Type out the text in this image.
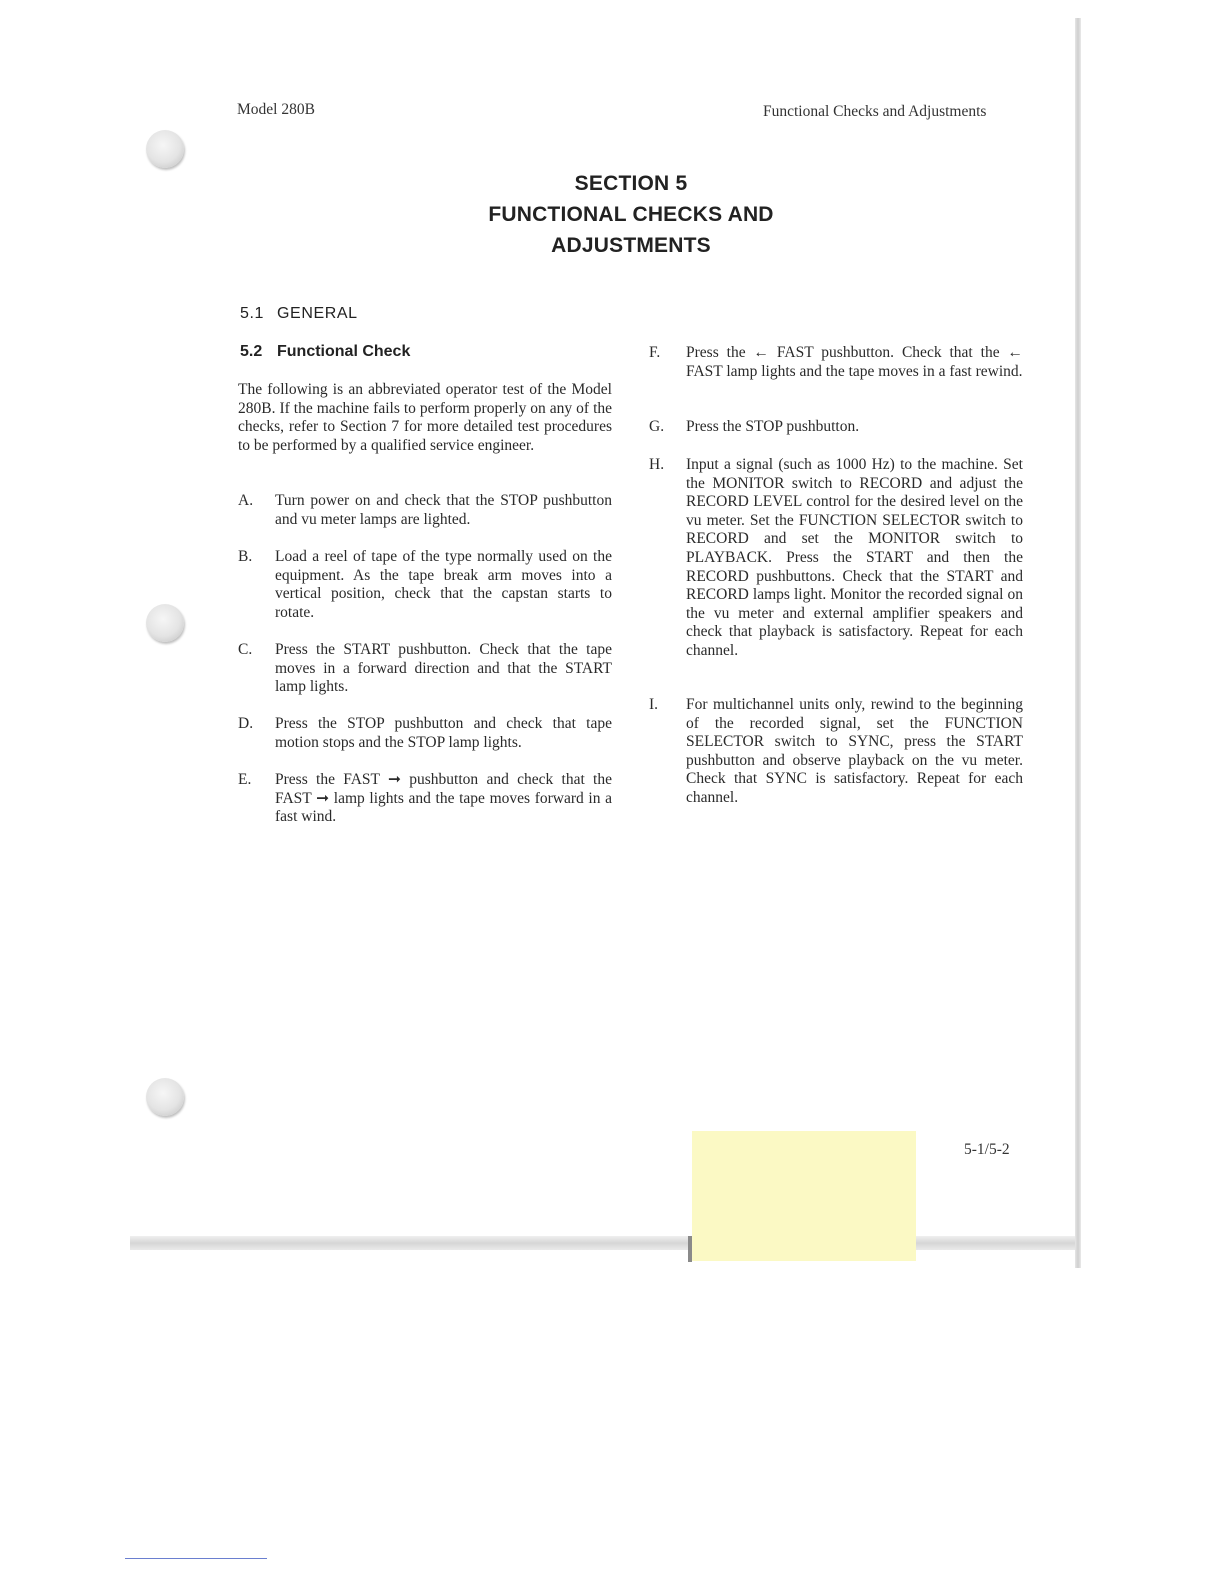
Model 280B	Functional Checks and Adjustments
SECTION 5
FUNCTIONAL CHECKS AND
ADJUSTMENTS
5.1 GENERAL
5.2 Functional Check
The following is an abbreviated operator test of the Model 280B. If the machine fails to perform properly on any of the checks, refer to Section 7 for more detailed test procedures to be performed by a qualified service engineer.
A. Turn power on and check that the STOP pushbutton and vu meter lamps are lighted.
B. Load a reel of tape of the type normally used on the equipment. As the tape break arm moves into a vertical position, check that the capstan starts to rotate.
C. Press the START pushbutton. Check that the tape moves in a forward direction and that the START lamp lights.
D. Press the STOP pushbutton and check that tape motion stops and the STOP lamp lights.
E. Press the FAST ➞ pushbutton and check that the FAST ➞ lamp lights and the tape moves forward in a fast wind.
F. Press the ← FAST pushbutton. Check that the ← FAST lamp lights and the tape moves in a fast rewind.
G. Press the STOP pushbutton.
H. Input a signal (such as 1000 Hz) to the machine. Set the MONITOR switch to RECORD and adjust the RECORD LEVEL control for the desired level on the vu meter. Set the FUNCTION SELECTOR switch to RECORD and set the MONITOR switch to PLAYBACK. Press the START and then the RECORD pushbuttons. Check that the START and RECORD lamps light. Monitor the recorded signal on the vu meter and external amplifier speakers and check that playback is satisfactory. Repeat for each channel.
I. For multichannel units only, rewind to the beginning of the recorded signal, set the FUNCTION SELECTOR switch to SYNC, press the START pushbutton and observe playback on the vu meter. Check that SYNC is satisfactory. Repeat for each channel.
5-1/5-2
